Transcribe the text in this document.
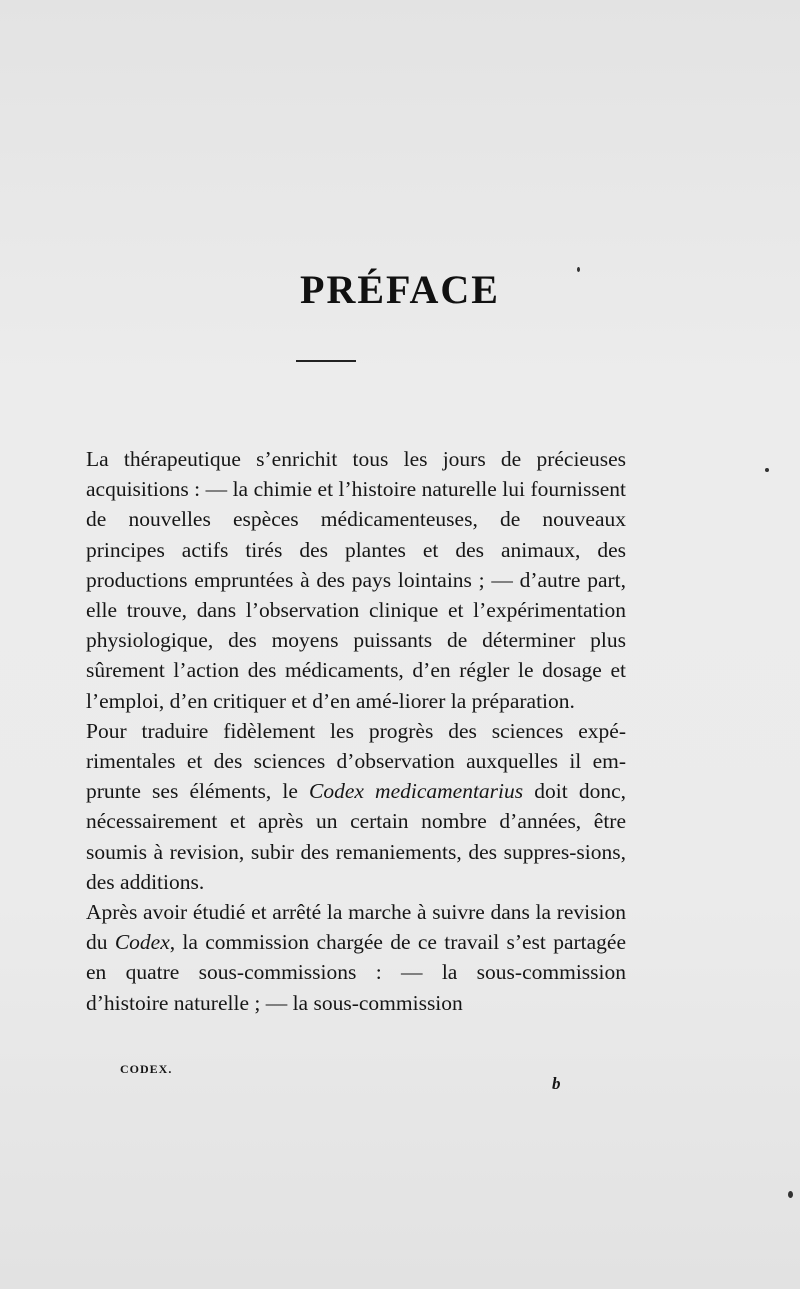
PRÉFACE

La thérapeutique s’enrichit tous les jours de précieuses acquisitions : — la chimie et l’histoire naturelle lui fournissent de nouvelles espèces médicamenteuses, de nouveaux principes actifs tirés des plantes et des animaux, des productions empruntées à des pays lointains ; — d’autre part, elle trouve, dans l’observation clinique et l’expérimentation physiologique, des moyens puissants de déterminer plus sûrement l’action des médicaments, d’en régler le dosage et l’emploi, d’en critiquer et d’en amé-liorer la préparation.

Pour traduire fidèlement les progrès des sciences expé-rimentales et des sciences d’observation auxquelles il em-prunte ses éléments, le Codex medicamentarius doit donc, nécessairement et après un certain nombre d’années, être soumis à revision, subir des remaniements, des suppres-sions, des additions.

Après avoir étudié et arrêté la marche à suivre dans la revision du Codex, la commission chargée de ce travail s’est partagée en quatre sous-commissions : — la sous-commission d’histoire naturelle ; — la sous-commission

CODEX.
b
